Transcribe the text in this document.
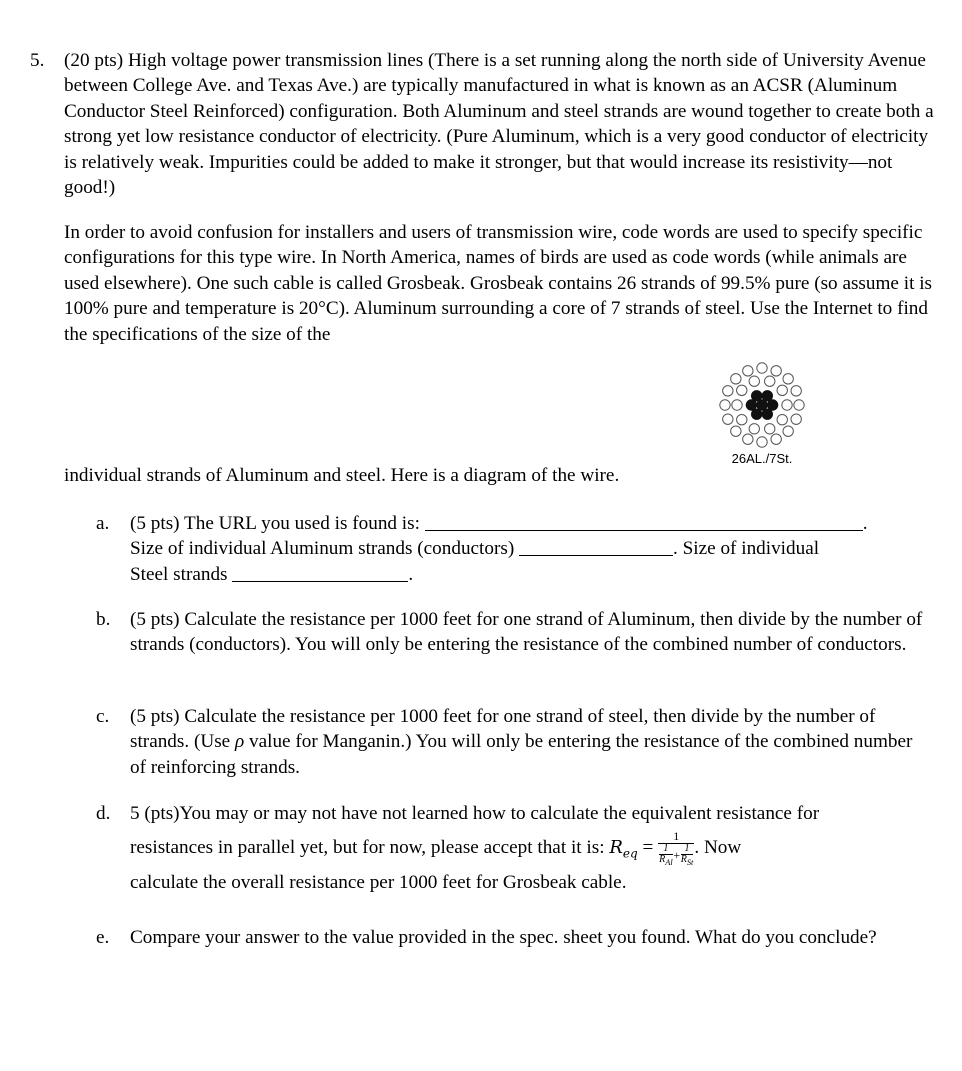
5. (20 pts) High voltage power transmission lines (There is a set running along the north side of University Avenue between College Ave. and Texas Ave.) are typically manufactured in what is known as an ACSR (Aluminum Conductor Steel Reinforced) configuration. Both Aluminum and steel strands are wound together to create both a strong yet low resistance conductor of electricity. (Pure Aluminum, which is a very good conductor of electricity is relatively weak. Impurities could be added to make it stronger, but that would increase its resistivity—not good!)

In order to avoid confusion for installers and users of transmission wire, code words are used to specify specific configurations for this type wire. In North America, names of birds are used as code words (while animals are used elsewhere). One such cable is called Grosbeak. Grosbeak contains 26 strands of 99.5% pure (so assume it is 100% pure and temperature is 20°C). Aluminum surrounding a core of 7 strands of steel. Use the Internet to find the specifications of the size of the

26AL./7St.

individual strands of Aluminum and steel. Here is a diagram of the wire.

a. (5 pts) The URL you used is found is:	.
Size of individual Aluminum strands (conductors)	. Size of individual
Steel strands	.
b. (5 pts) Calculate the resistance per 1000 feet for one strand of Aluminum, then divide by the number of strands (conductors). You will only be entering the resistance of the combined number of conductors.
c. (5 pts) Calculate the resistance per 1000 feet for one strand of steel, then divide by the number of strands. (Use ρ value for Manganin.) You will only be entering the resistance of the combined number of reinforcing strands.
d. 5 (pts)You may or may not have not learned how to calculate the equivalent resistance for
resistances in parallel yet, but for now, please accept that it is: $R_{eq} = \frac{1}{\frac{1}{R_{Al}}+ \frac{1}{R_{St}}}$ . Now
calculate the overall resistance per 1000 feet for Grosbeak cable.
e. Compare your answer to the value provided in the spec. sheet you found. What do you conclude?
